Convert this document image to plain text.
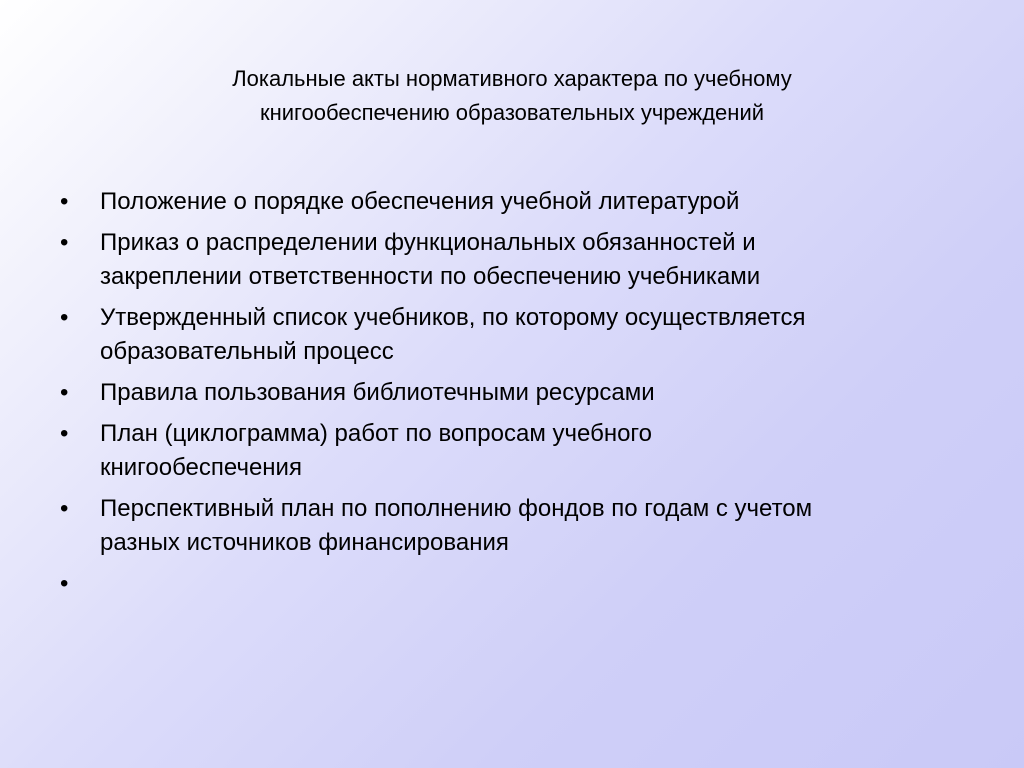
Локальные акты нормативного характера по учебному
книгообеспечению образовательных учреждений
•	Положение о порядке обеспечения учебной литературой
•	Приказ о распределении функциональных обязанностей и
закреплении ответственности по обеспечению учебниками
•	Утвержденный список учебников, по которому осуществляется
образовательный процесс
•	Правила пользования библиотечными ресурсами
•	План (циклограмма) работ по вопросам учебного
книгообеспечения
•	Перспективный план по пополнению фондов по годам с учетом
разных источников финансирования
•
